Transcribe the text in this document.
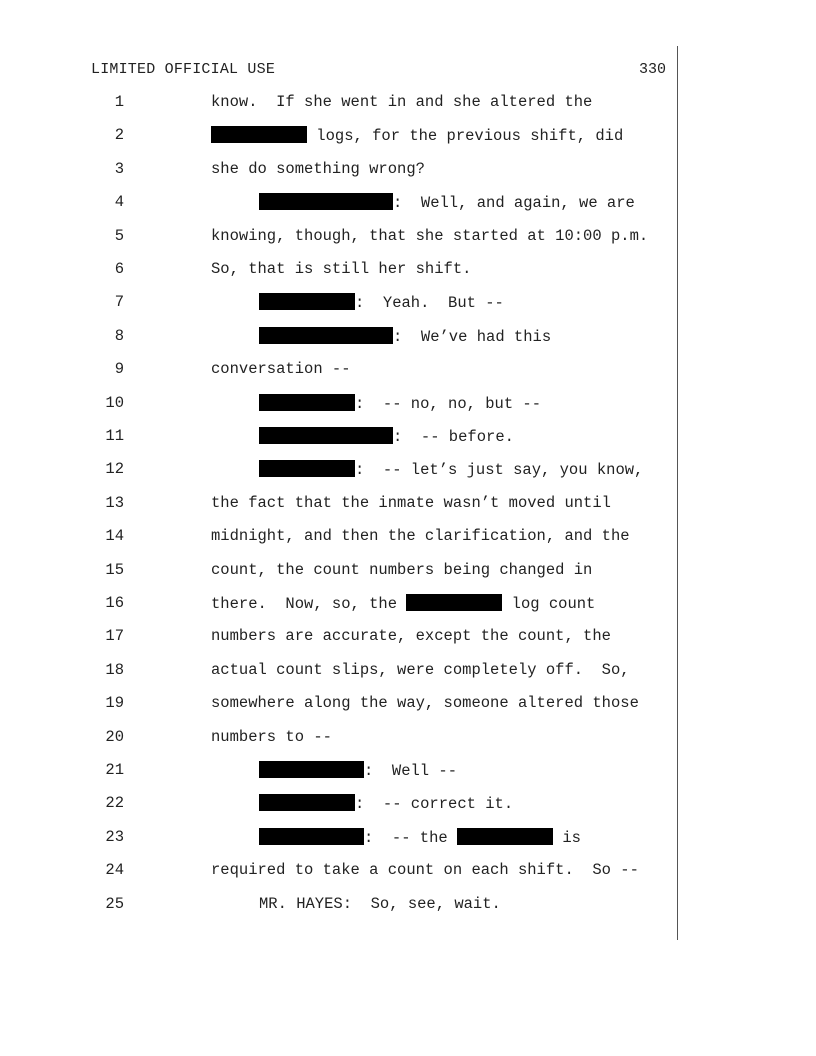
LIMITED OFFICIAL USE	330
1	know.  If she went in and she altered the
2	logs, for the previous shift, did
3	she do something wrong?
4	:  Well, and again, we are
5	knowing, though, that she started at 10:00 p.m.
6	So, that is still her shift.
7	:  Yeah.  But --
8	:  We’ve had this
9	conversation --
10	:  -- no, no, but --
11	:  -- before.
12	:  -- let’s just say, you know,
13	the fact that the inmate wasn’t moved until
14	midnight, and then the clarification, and the
15	count, the count numbers being changed in
16	there.  Now, so, the	log count
17	numbers are accurate, except the count, the
18	actual count slips, were completely off.  So,
19	somewhere along the way, someone altered those
20	numbers to --
21	:  Well --
22	:  -- correct it.
23	:  -- the	is
24	required to take a count on each shift.  So --
25	MR. HAYES:  So, see, wait.
